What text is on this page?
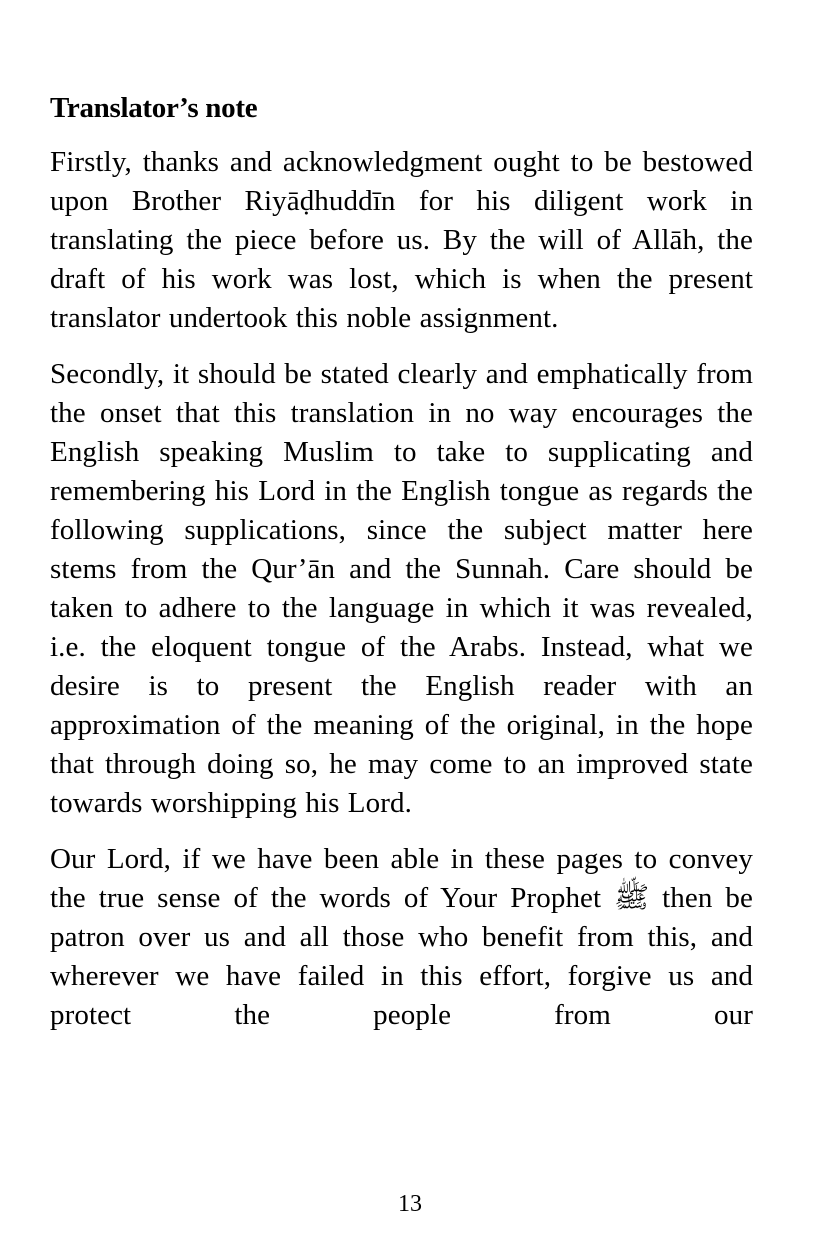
Translator’s note

Firstly, thanks and acknowledgment ought to be bestowed upon Brother Riyāḍhuddīn for his diligent work in translating the piece before us. By the will of Allāh, the draft of his work was lost, which is when the present translator undertook this noble assignment.

Secondly, it should be stated clearly and emphatically from the onset that this translation in no way encourages the English speaking Muslim to take to supplicating and remembering his Lord in the English tongue as regards the following supplications, since the subject matter here stems from the Qur’ān and the Sunnah. Care should be taken to adhere to the language in which it was revealed, i.e. the eloquent tongue of the Arabs. Instead, what we desire is to present the English reader with an approximation of the meaning of the original, in the hope that through doing so, he may come to an improved state towards worshipping his Lord.

Our Lord, if we have been able in these pages to convey the true sense of the words of Your Prophet ﷺ then be patron over us and all those who benefit from this, and wherever we have failed in this effort, forgive us and protect the people from our

13
